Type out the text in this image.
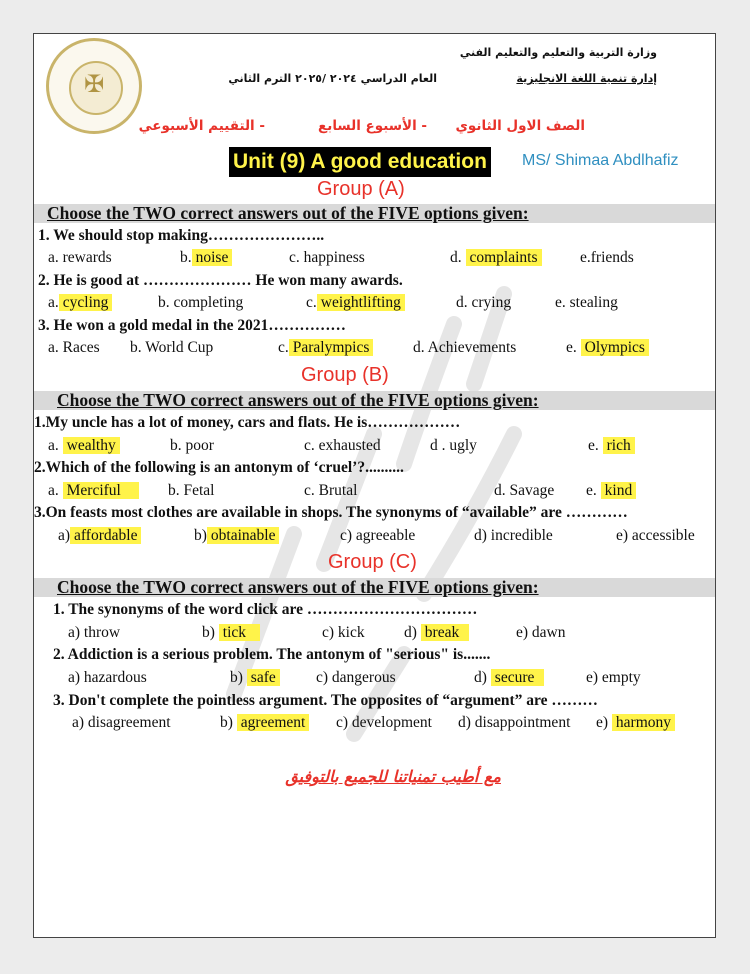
✠
وزارة التربية والتعليم والتعليم الفني
إدارة تنمية اللغة الانجليزية
العام الدراسي ٢٠٢٤ /٢٠٢٥ الترم الثاني
الصف الاول الثانوي
- الأسبوع السابع
- التقييم الأسبوعي
Unit (9) A good education MS/ Shimaa Abdlhafiz
Group (A)
Choose the TWO correct answers out of the FIVE options given:
1. We should stop making…………………..
a. rewards	b. noise	c. happiness	d. complaints	e.friends
2. He is good at ………………… He won many awards.
a. cycling	b. completing	c. weightlifting	d. crying	e. stealing
3. He won a gold medal in the 2021……………
a. Races b. World Cup	c. Paralympics	d. Achievements	e. Olympics
Group (B)
Choose the TWO correct answers out of the FIVE options given:
1.My uncle has a lot of money, cars and flats. He is………………
a. wealthy	b. poor	c. exhausted	d . ugly	e. rich
2.Which of the following is an antonym of ‘cruel’?..........
a. Merciful	b. Fetal	c. Brutal	d. Savage e. kind
3.On feasts most clothes are available in shops. The synonyms of “available” are …………
a) affordable	b) obtainable	c) agreeable	d) incredible	e) accessible
Group (C)
Choose the TWO correct answers out of the FIVE options given:
1. The synonyms of the word click are ……………………………
a) throw	b) tick	c) kick	d) break	e) dawn
2. Addiction is a serious problem. The antonym of "serious" is.......
a) hazardous	b) safe	c) dangerous	d) secure	e) empty
3. Don't complete the pointless argument. The opposites of “argument” are ………
a) disagreement	b) agreement c) development d) disappointment e) harmony
مع أطيب تمنياتنا للجميع بالتوفيق
